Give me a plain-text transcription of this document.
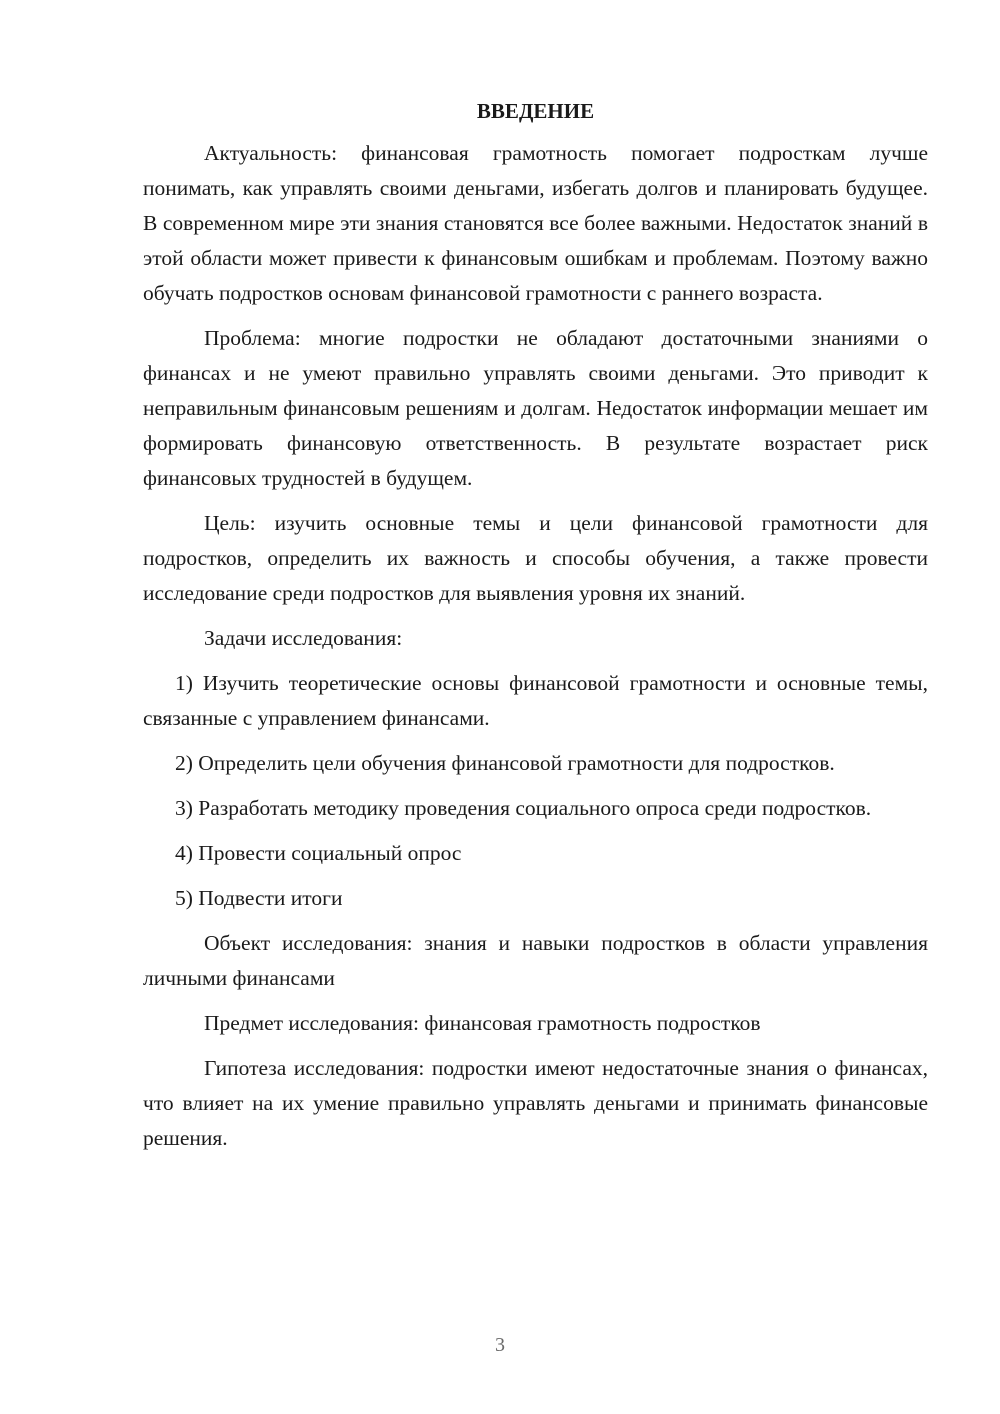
ВВЕДЕНИЕ

Актуальность: финансовая грамотность помогает подросткам лучше понимать, как управлять своими деньгами, избегать долгов и планировать будущее. В современном мире эти знания становятся все более важными. Недостаток знаний в этой области может привести к финансовым ошибкам и проблемам. Поэтому важно обучать подростков основам финансовой грамотности с раннего возраста.

Проблема: многие подростки не обладают достаточными знаниями о финансах и не умеют правильно управлять своими деньгами. Это приводит к неправильным финансовым решениям и долгам. Недостаток информации мешает им формировать финансовую ответственность. В результате возрастает риск финансовых трудностей в будущем.

Цель: изучить основные темы и цели финансовой грамотности для подростков, определить их важность и способы обучения, а также провести исследование среди подростков для выявления уровня их знаний.

Задачи исследования:

1) Изучить теоретические основы финансовой грамотности и основные темы, связанные с управлением финансами.

2) Определить цели обучения финансовой грамотности для подростков.

3) Разработать методику проведения социального опроса среди подростков.

4) Провести социальный опрос

5) Подвести итоги

Объект исследования: знания и навыки подростков в области управления личными финансами

Предмет исследования: финансовая грамотность подростков

Гипотеза исследования: подростки имеют недостаточные знания о финансах, что влияет на их умение правильно управлять деньгами и принимать финансовые решения.

3
